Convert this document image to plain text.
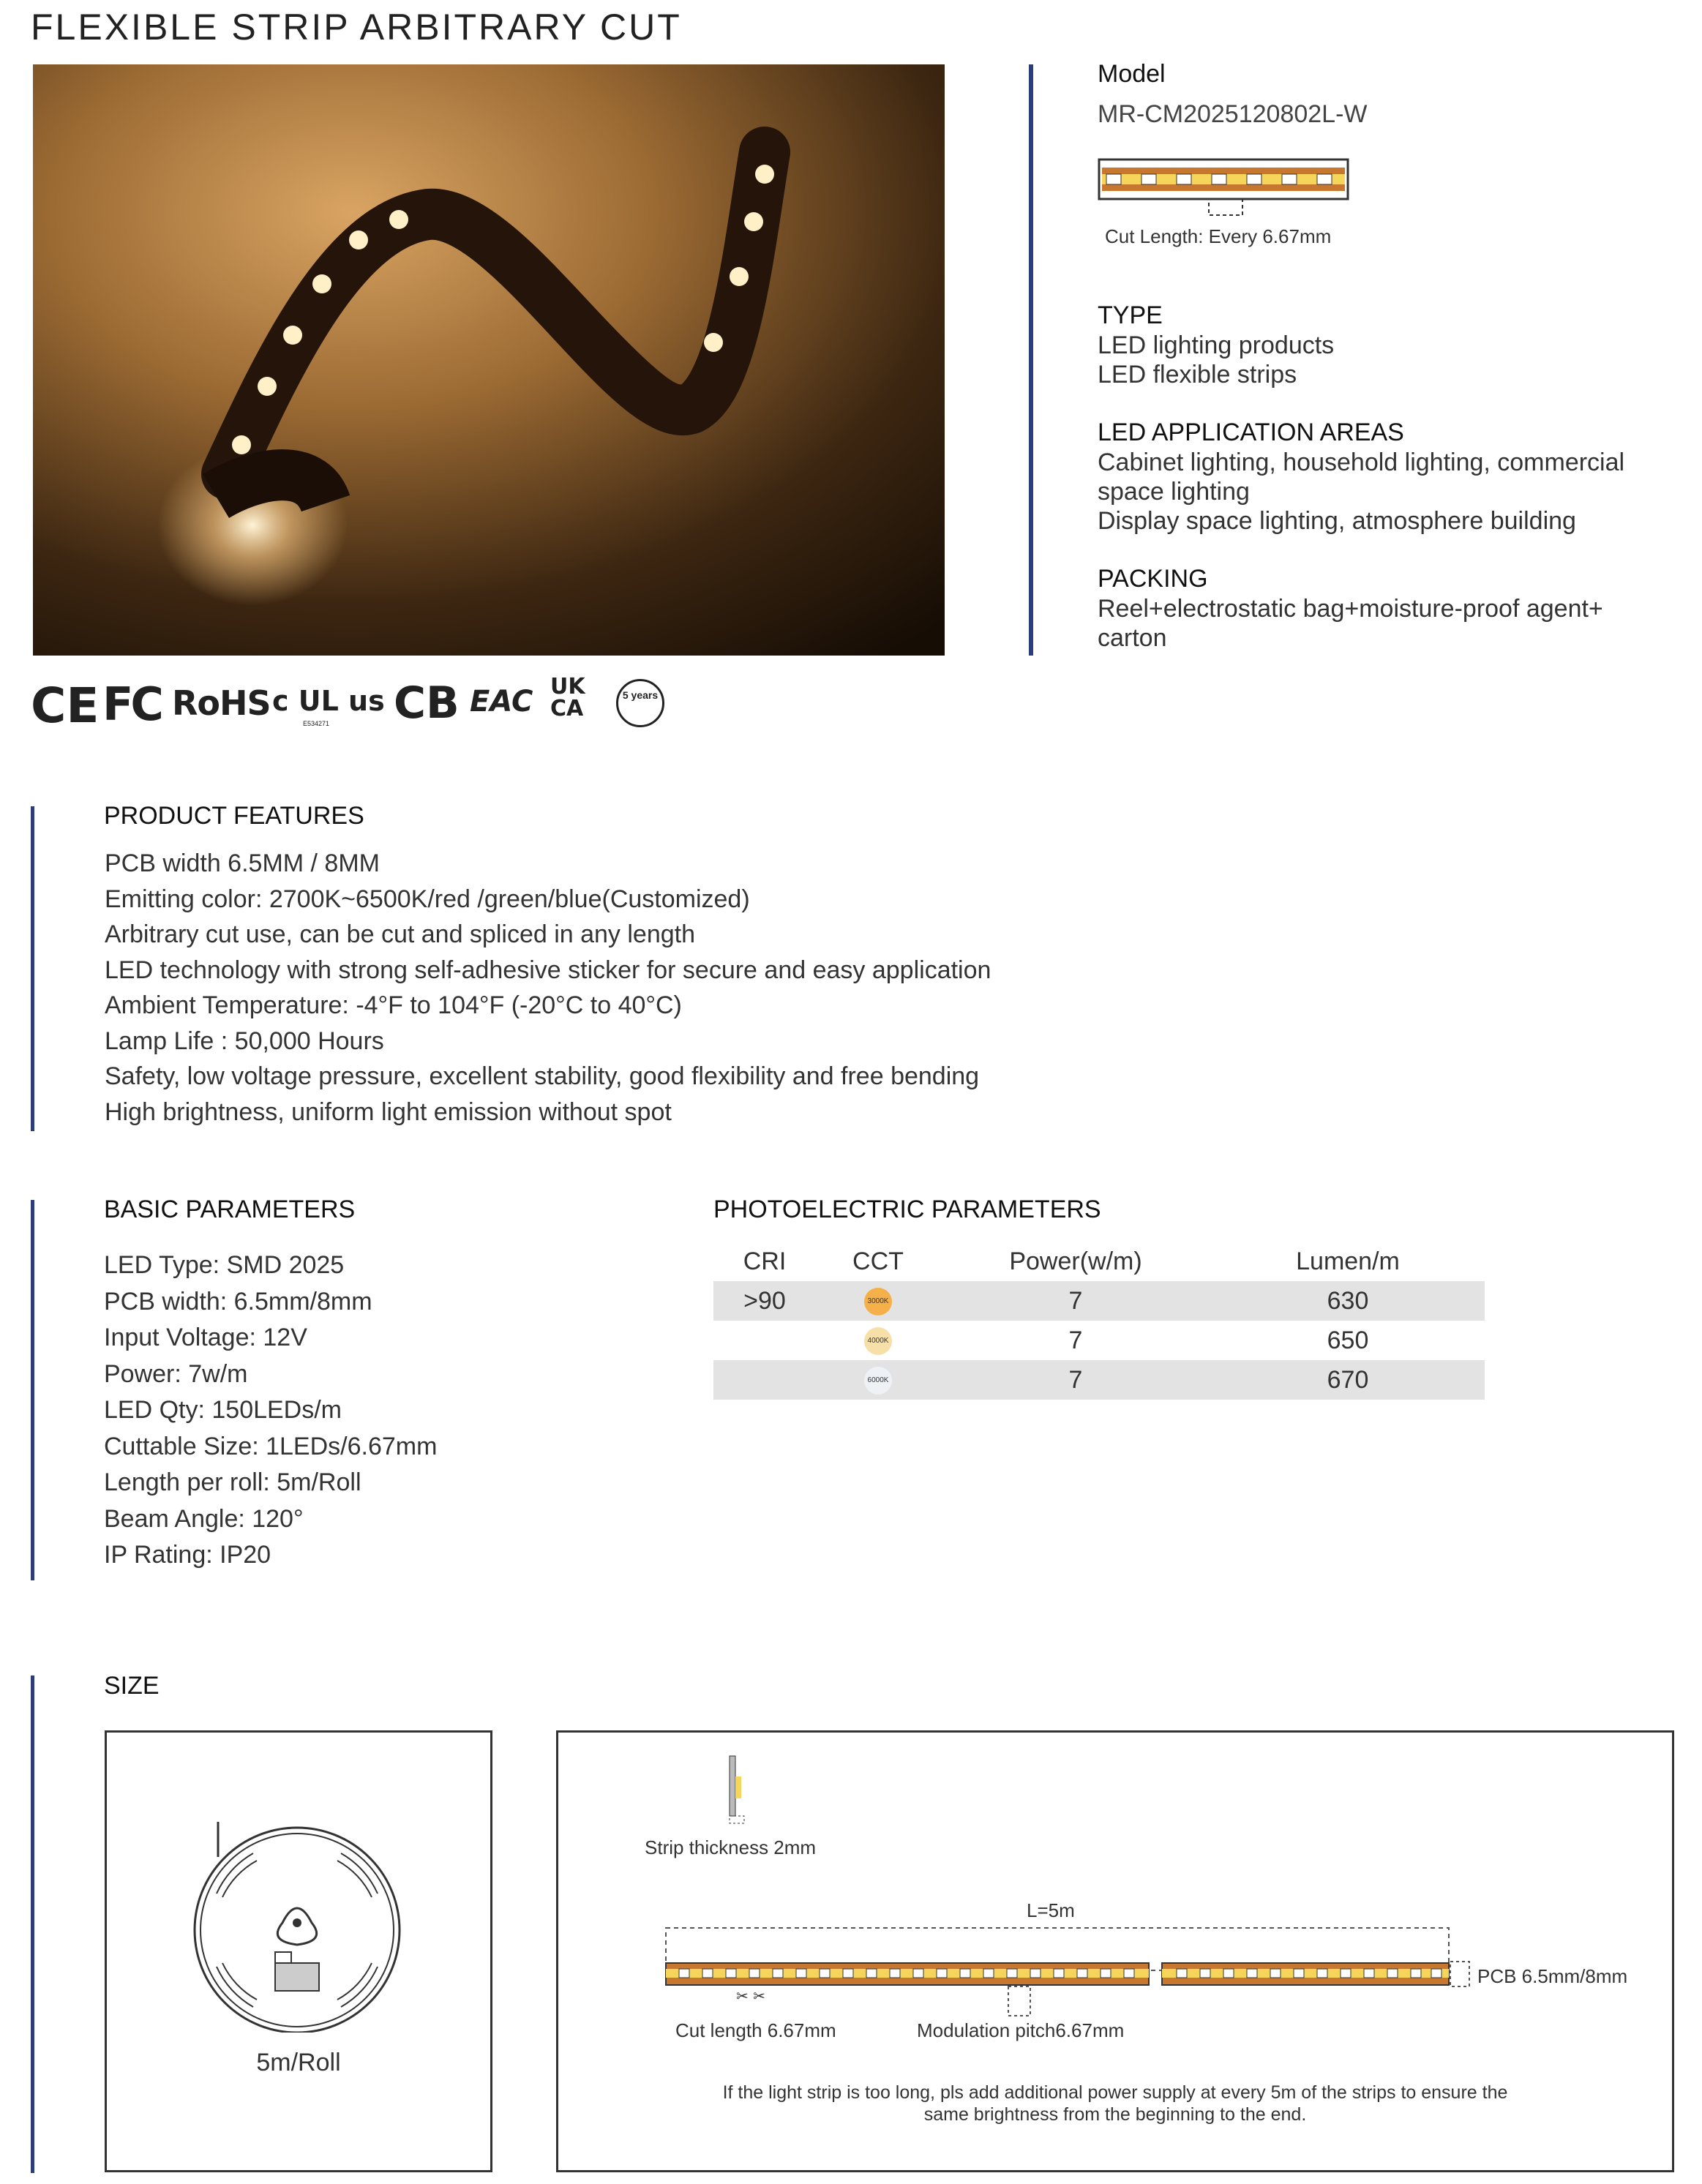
FLEXIBLE STRIP ARBITRARY CUT
Model
MR-CM2025120802L-W
Cut Length: Every 6.67mm
TYPE
LED lighting products
LED flexible strips
LED APPLICATION AREAS
Cabinet lighting, household lighting, commercial
space lighting
Display space lighting, atmosphere building
PACKING
Reel+electrostatic bag+moisture-proof agent+
carton
CE FC RoHS c UL us
E534271 CB EAC UKCA
5 years
PRODUCT FEATURES
PCB width 6.5MM / 8MM
Emitting color: 2700K~6500K/red /green/blue(Customized)
Arbitrary cut use, can be cut and spliced in any length
LED technology with strong self-adhesive sticker for secure and easy application
Ambient Temperature: -4°F to 104°F (-20°C to 40°C)
Lamp Life : 50,000 Hours
Safety, low voltage pressure, excellent stability, good flexibility and free bending
High brightness, uniform light emission without spot
BASIC PARAMETERS
LED Type: SMD 2025
PCB width: 6.5mm/8mm
Input Voltage: 12V
Power: 7w/m
LED Qty: 150LEDs/m
Cuttable Size: 1LEDs/6.67mm
Length per roll: 5m/Roll
Beam Angle: 120°
IP Rating: IP20
PHOTOELECTRIC PARAMETERS
CRI	CCT	Power(w/m)	Lumen/m
>90	3000K	7	630
	4000K	7	650
	6000K	7	670
SIZE
5m/Roll
Strip thickness 2mm
L=5m
✂ ✂
PCB 6.5mm/8mm
Cut length 6.67mm	Modulation pitch6.67mm
If the light strip is too long, pls add additional power supply at every 5m of the strips to ensure the
same brightness from the beginning to the end.
